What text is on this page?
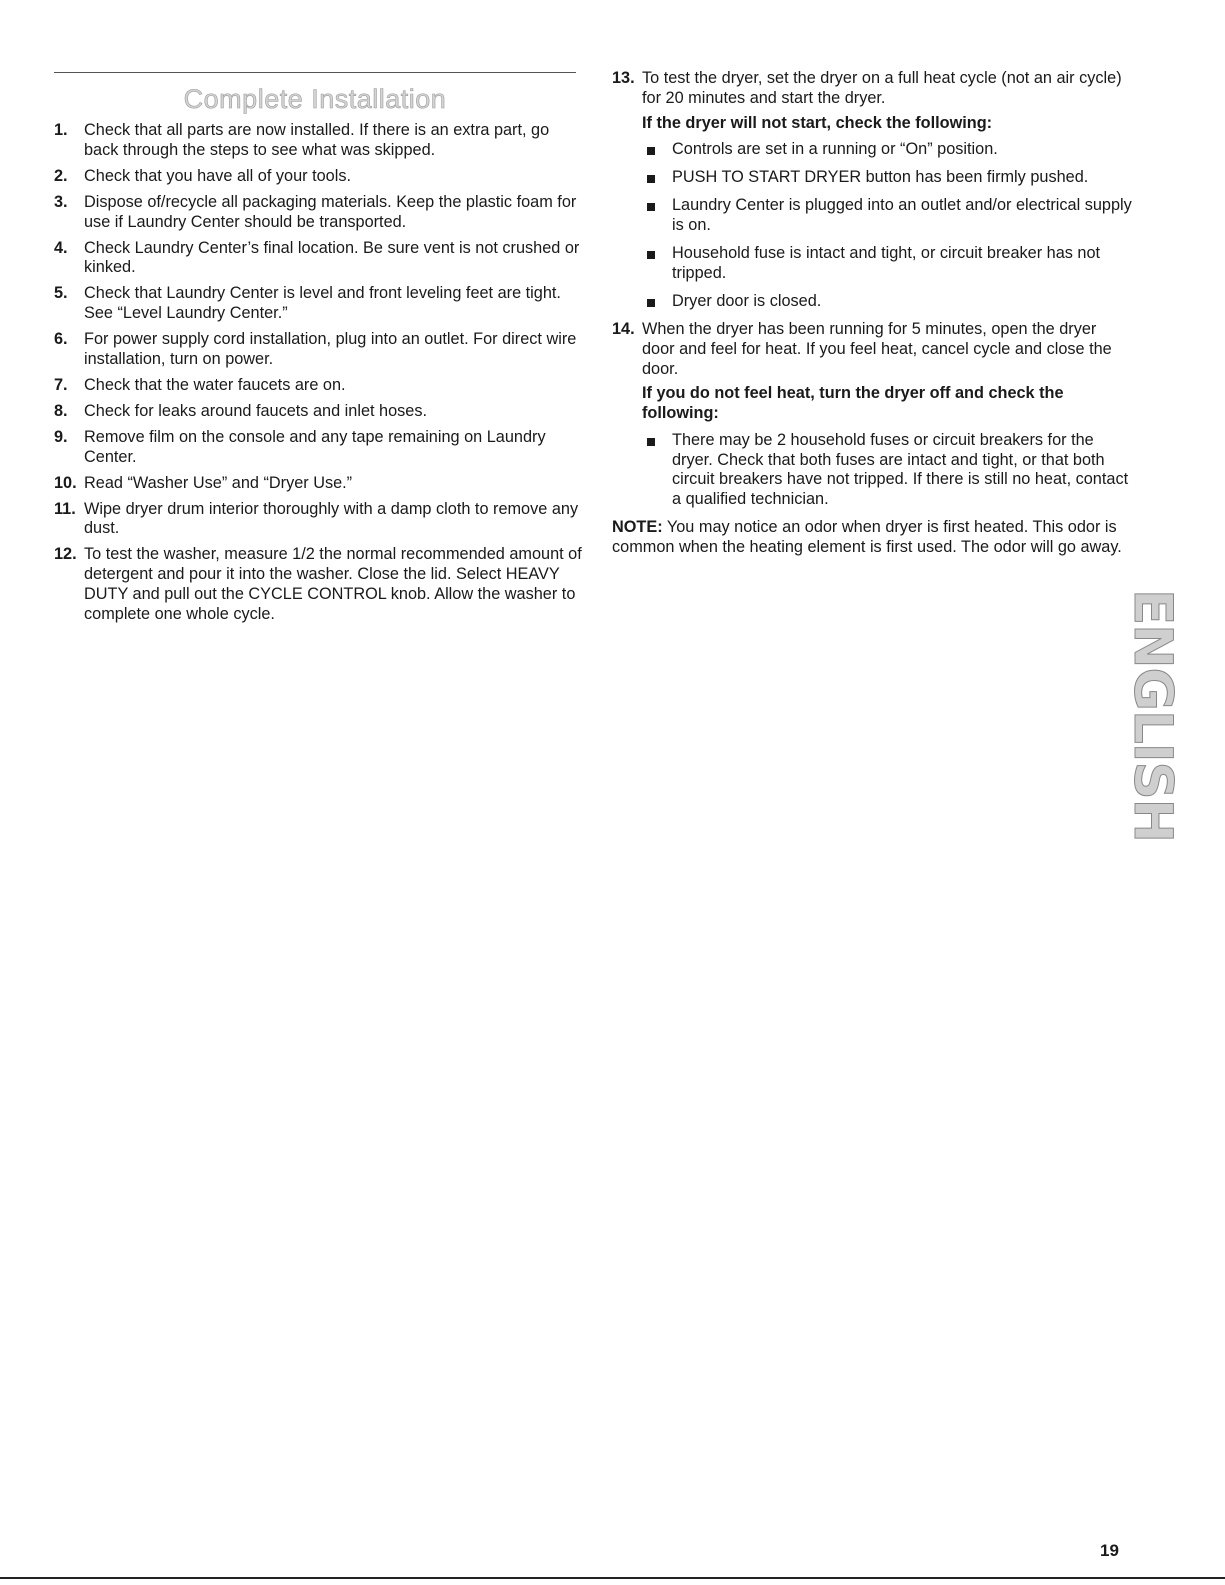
Complete Installation
1. Check that all parts are now installed. If there is an extra part, go back through the steps to see what was skipped.
2. Check that you have all of your tools.
3. Dispose of/recycle all packaging materials. Keep the plastic foam for use if Laundry Center should be transported.
4. Check Laundry Center’s final location. Be sure vent is not crushed or kinked.
5. Check that Laundry Center is level and front leveling feet are tight. See “Level Laundry Center.”
6. For power supply cord installation, plug into an outlet. For direct wire installation, turn on power.
7. Check that the water faucets are on.
8. Check for leaks around faucets and inlet hoses.
9. Remove film on the console and any tape remaining on Laundry Center.
10. Read “Washer Use” and “Dryer Use.”
11. Wipe dryer drum interior thoroughly with a damp cloth to remove any dust.
12. To test the washer, measure 1/2 the normal recommended amount of detergent and pour it into the washer. Close the lid. Select HEAVY DUTY and pull out the CYCLE CONTROL knob. Allow the washer to complete one whole cycle.
13. To test the dryer, set the dryer on a full heat cycle (not an air cycle) for 20 minutes and start the dryer.
If the dryer will not start, check the following:
Controls are set in a running or “On” position.
PUSH TO START DRYER button has been firmly pushed.
Laundry Center is plugged into an outlet and/or electrical supply is on.
Household fuse is intact and tight, or circuit breaker has not tripped.
Dryer door is closed.
14. When the dryer has been running for 5 minutes, open the dryer door and feel for heat. If you feel heat, cancel cycle and close the door.
If you do not feel heat, turn the dryer off and check the following:
There may be 2 household fuses or circuit breakers for the dryer. Check that both fuses are intact and tight, or that both circuit breakers have not tripped. If there is still no heat, contact a qualified technician.
NOTE: You may notice an odor when dryer is first heated. This odor is common when the heating element is first used. The odor will go away.
ENGLISH
19
